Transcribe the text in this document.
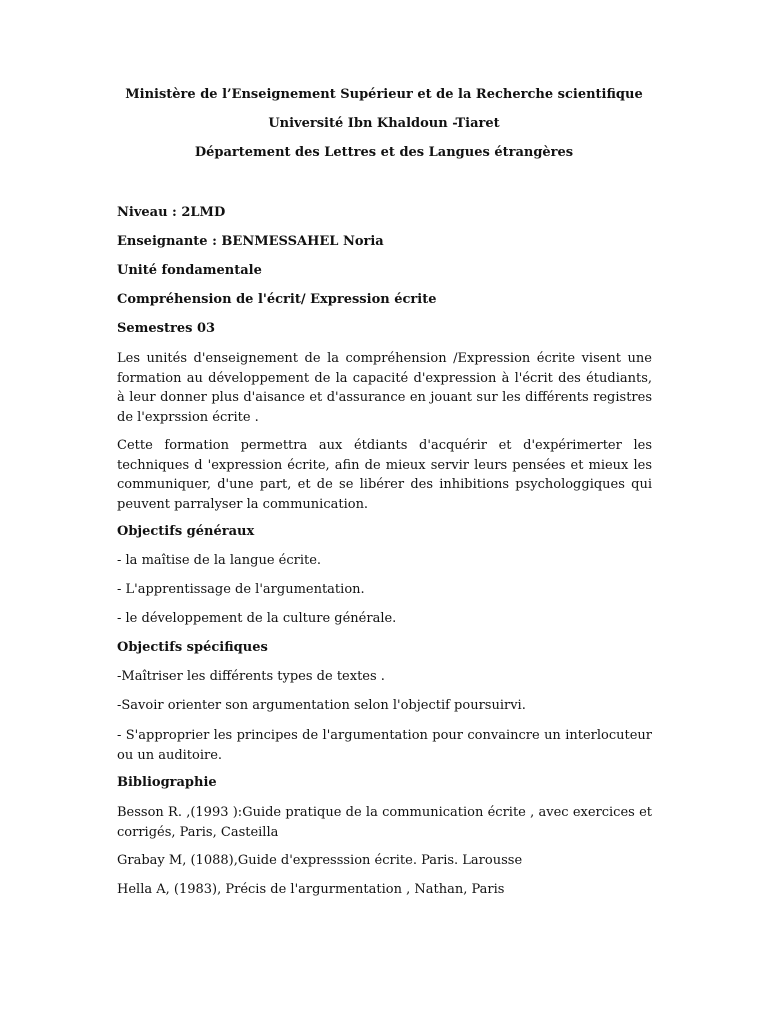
Ministère de l’Enseignement Supérieur et de la Recherche scientifique
Université Ibn Khaldoun -Tiaret
Département des Lettres et des Langues étrangères
Niveau : 2LMD
Enseignante : BENMESSAHEL Noria
Unité fondamentale
Compréhension de l'écrit/ Expression écrite
Semestres 03

Les unités d'enseignement de la compréhension /Expression écrite visent une formation au développement de la capacité d'expression à l'écrit des étudiants, à leur donner plus d'aisance et d'assurance en jouant sur les différents registres de l'exprssion écrite .

Cette formation permettra aux étdiants d'acquérir et d'expérimerter les techniques d 'expression écrite, afin de mieux servir leurs pensées et mieux les communiquer, d'une part, et de se libérer des inhibitions psychologgiques qui peuvent parralyser la communication.

Objectifs généraux
- la maîtise de la langue écrite.
- L'apprentissage de l'argumentation.
- le développement de la culture générale.
Objectifs spécifiques
-Maîtriser les différents types de textes .
-Savoir orienter son argumentation selon l'objectif poursuirvi.
- S'approprier les principes de l'argumentation pour convaincre un interlocuteur ou un auditoire.
Bibliographie

Besson R. ,(1993 ):Guide pratique de la communication écrite , avec exercices et corrigés, Paris, Casteilla

Grabay M, (1088),Guide d'expresssion écrite. Paris. Larousse

Hella A, (1983), Précis de l'argurmentation , Nathan, Paris
